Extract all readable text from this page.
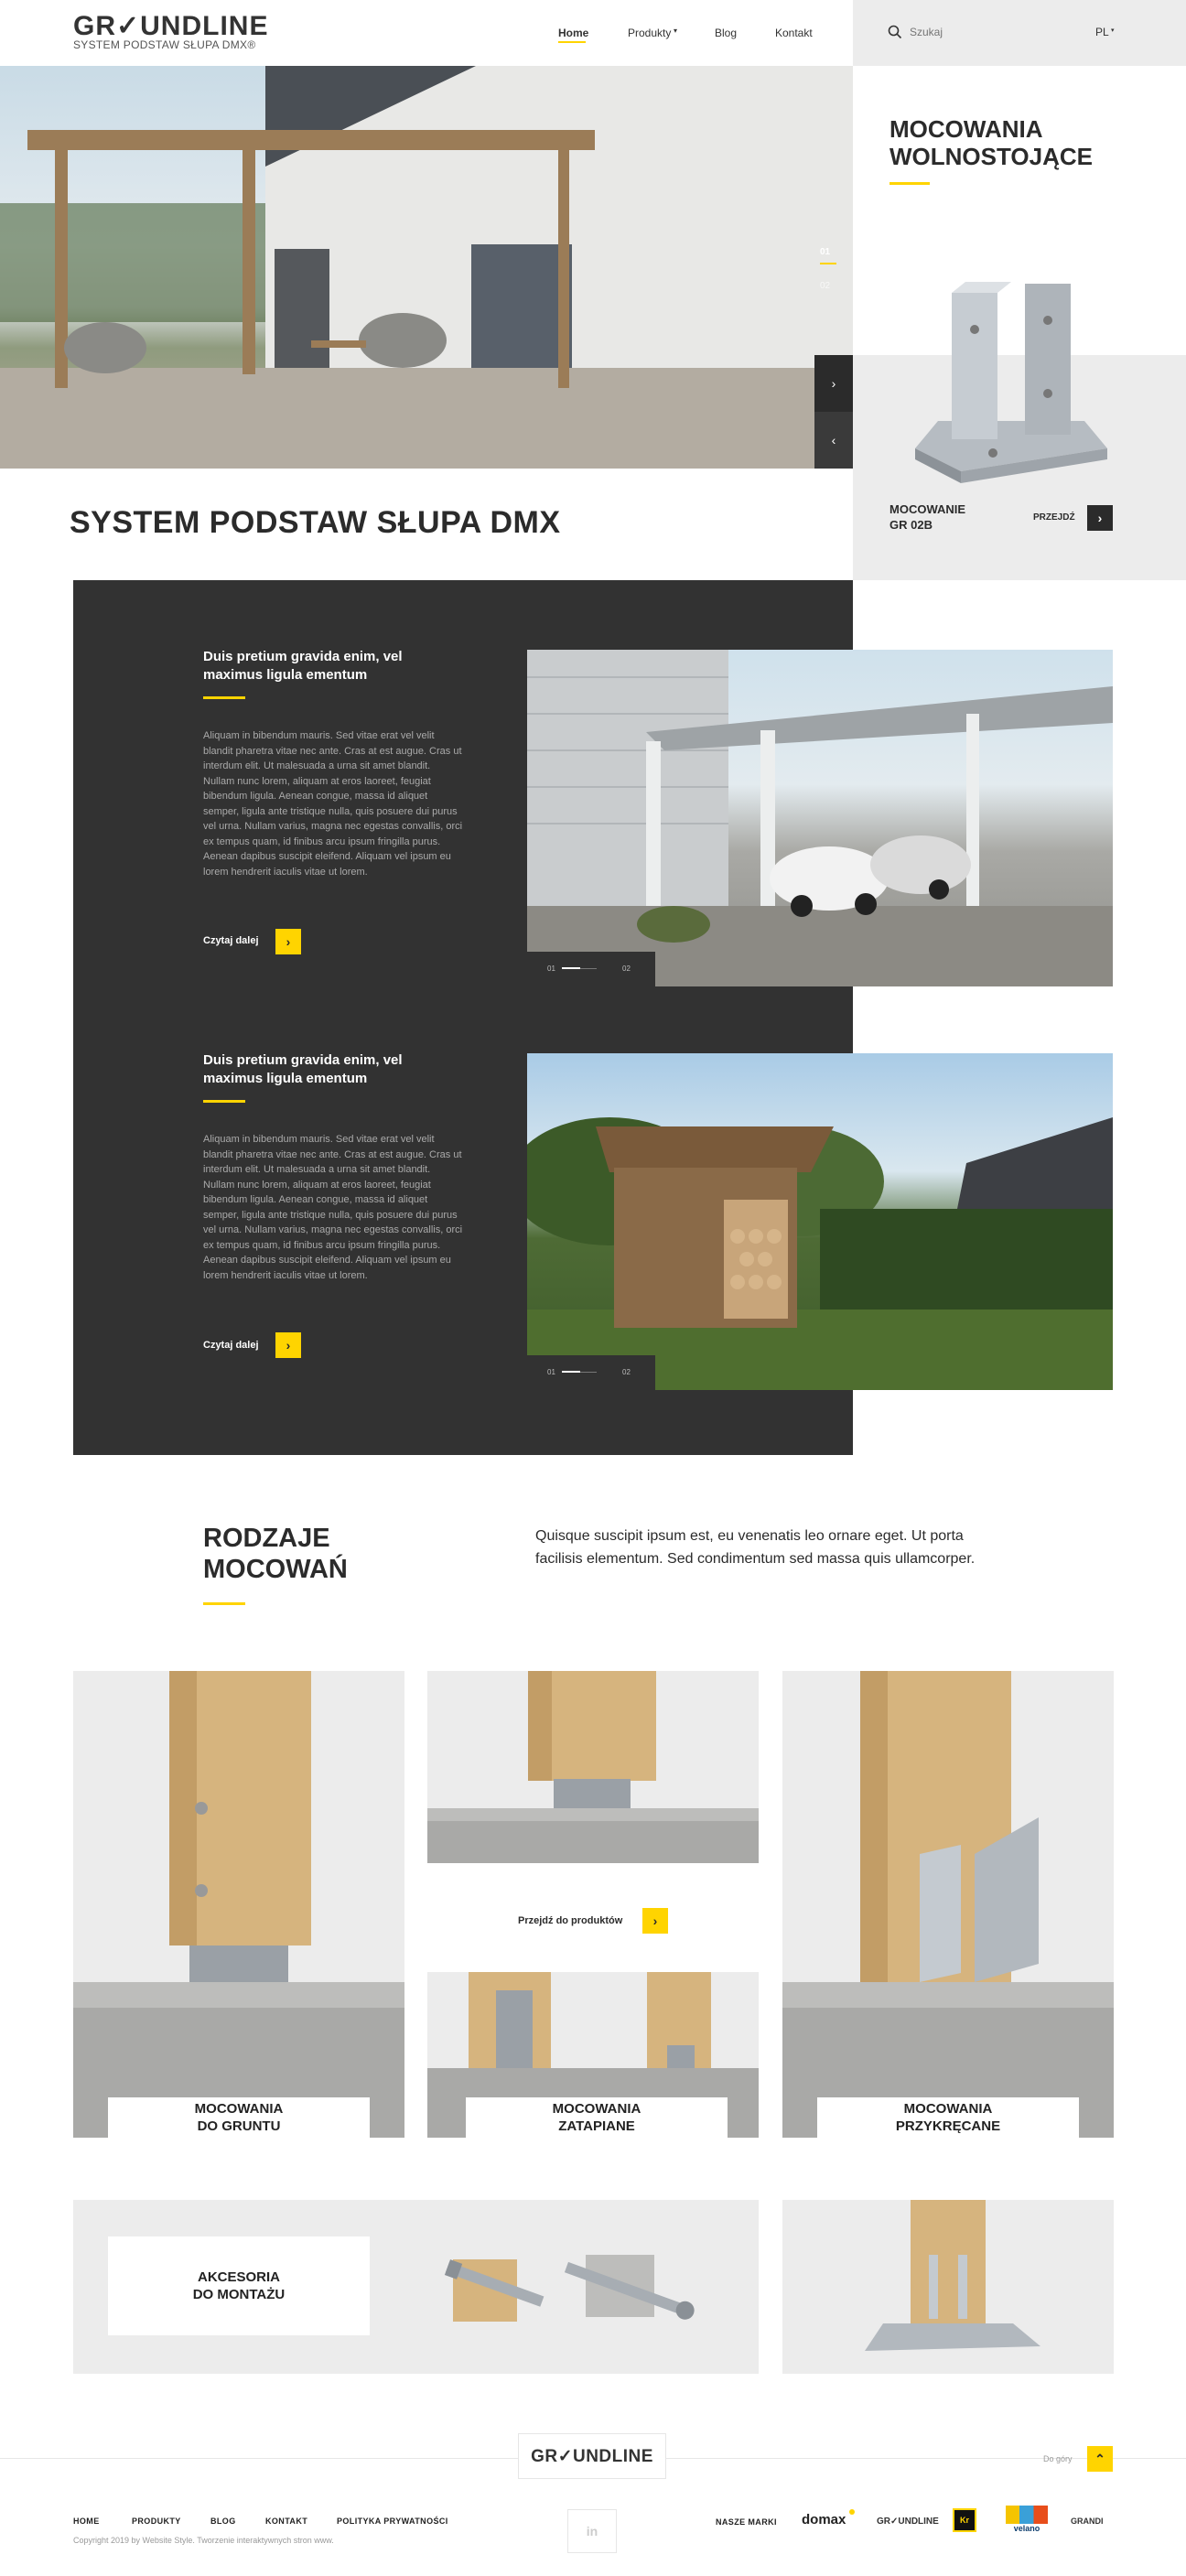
GR✓UNDLINE
SYSTEM PODSTAW SŁUPA DMX®
Home	Produkty ▾	Blog	Kontakt
Szukaj	PL ▾
01
02
›
‹
SYSTEM PODSTAW SŁUPA DMX
MOCOWANIA
WOLNOSTOJĄCE
MOCOWANIE
GR 02B
PRZEJDŹ ›
Duis pretium gravida enim, vel maximus ligula ementum
Aliquam in bibendum mauris. Sed vitae erat vel velit blandit pharetra vitae nec ante. Cras at est augue. Cras ut interdum elit. Ut malesuada a urna sit amet blandit. Nullam nunc lorem, aliquam at eros laoreet, feugiat bibendum ligula. Aenean congue, massa id aliquet semper, ligula ante tristique nulla, quis posuere dui purus vel urna. Nullam varius, magna nec egestas convallis, orci ex tempus quam, id finibus arcu ipsum fringilla purus. Aenean dapibus suscipit eleifend. Aliquam vel ipsum eu lorem hendrerit iaculis vitae ut lorem.
Czytaj dalej ›
01	02
Duis pretium gravida enim, vel maximus ligula ementum
Aliquam in bibendum mauris. Sed vitae erat vel velit blandit pharetra vitae nec ante. Cras at est augue. Cras ut interdum elit. Ut malesuada a urna sit amet blandit. Nullam nunc lorem, aliquam at eros laoreet, feugiat bibendum ligula. Aenean congue, massa id aliquet semper, ligula ante tristique nulla, quis posuere dui purus vel urna. Nullam varius, magna nec egestas convallis, orci ex tempus quam, id finibus arcu ipsum fringilla purus. Aenean dapibus suscipit eleifend. Aliquam vel ipsum eu lorem hendrerit iaculis vitae ut lorem.
Czytaj dalej ›
01	02
RODZAJE
MOCOWAŃ
Quisque suscipit ipsum est, eu venenatis leo ornare eget. Ut porta facilisis elementum. Sed condimentum sed massa quis ullamcorper.
MOCOWANIA
DO GRUNTU
Przejdź do produktów ›
MOCOWANIA
ZATAPIANE
MOCOWANIA
PRZYKRĘCANE
AKCESORIA
DO MONTAŻU
GR✓UNDLINE	Do góry ⌃
HOME	PRODUKTY	BLOG	KONTAKT	POLITYKA PRYWATNOŚCI
Copyright 2019 by Website Style. Tworzenie interaktywnych stron www.
in
NASZE MARKI domax	GR✓UNDLINE	Kr
velano
GRANDI
